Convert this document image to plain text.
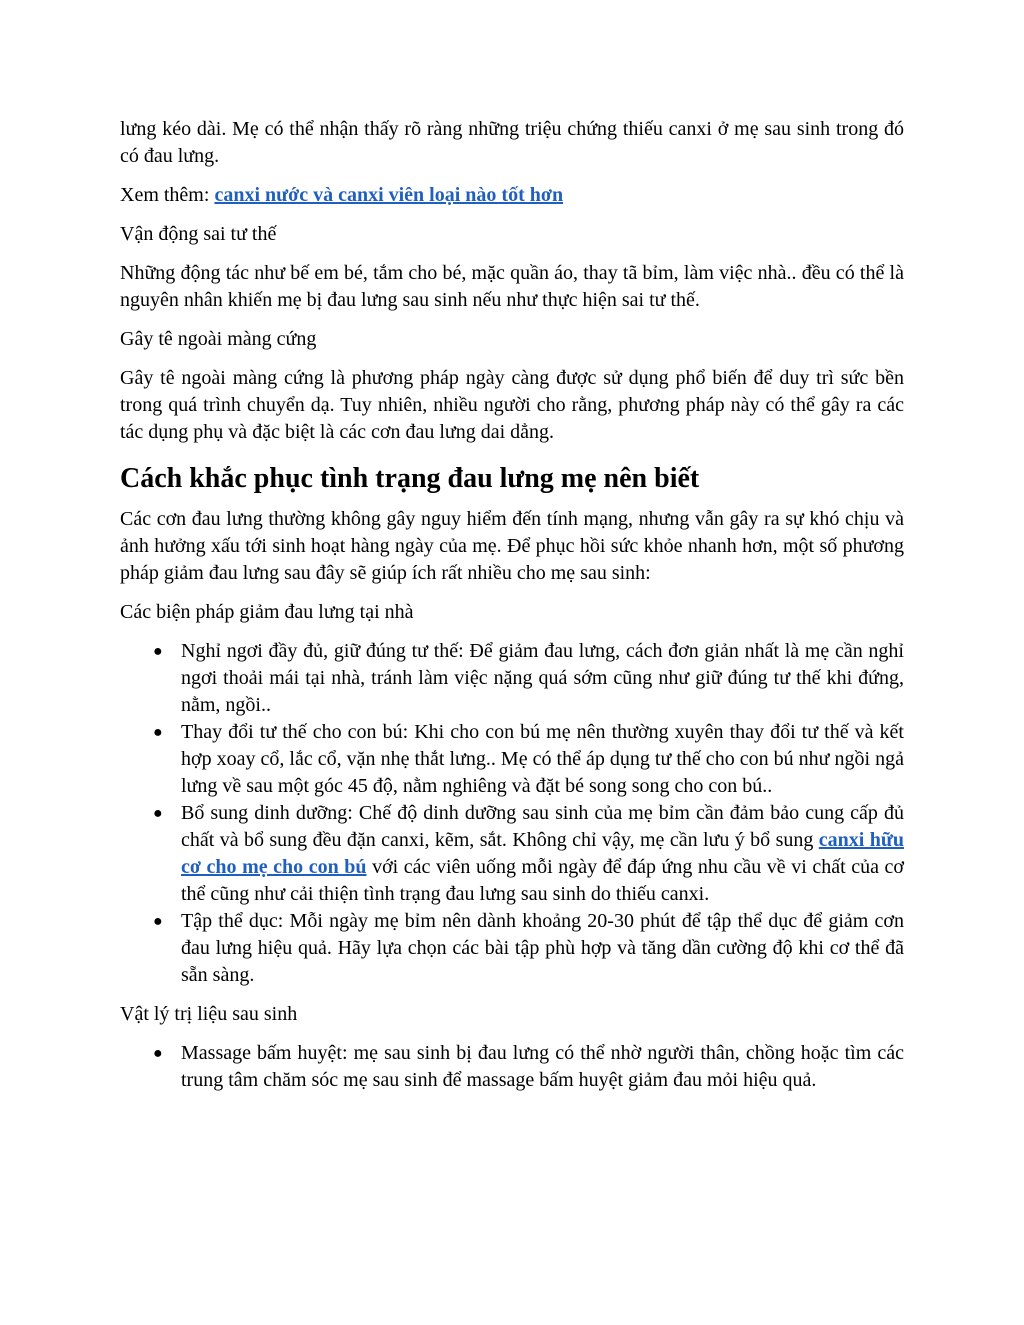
lưng kéo dài. Mẹ có thể nhận thấy rõ ràng những triệu chứng thiếu canxi ở mẹ sau sinh trong đó có đau lưng.

Xem thêm: canxi nước và canxi viên loại nào tốt hơn

Vận động sai tư thế

Những động tác như bế em bé, tắm cho bé, mặc quần áo, thay tã bỉm, làm việc nhà.. đều có thể là nguyên nhân khiến mẹ bị đau lưng sau sinh nếu như thực hiện sai tư thế.

Gây tê ngoài màng cứng

Gây tê ngoài màng cứng là phương pháp ngày càng được sử dụng phổ biến để duy trì sức bền trong quá trình chuyển dạ. Tuy nhiên, nhiều người cho rằng, phương pháp này có thể gây ra các tác dụng phụ và đặc biệt là các cơn đau lưng dai dẳng.

Cách khắc phục tình trạng đau lưng mẹ nên biết

Các cơn đau lưng thường không gây nguy hiểm đến tính mạng, nhưng vẫn gây ra sự khó chịu và ảnh hưởng xấu tới sinh hoạt hàng ngày của mẹ. Để phục hồi sức khỏe nhanh hơn, một số phương pháp giảm đau lưng sau đây sẽ giúp ích rất nhiều cho mẹ sau sinh:

Các biện pháp giảm đau lưng tại nhà

● Nghỉ ngơi đầy đủ, giữ đúng tư thế: Để giảm đau lưng, cách đơn giản nhất là mẹ cần nghỉ ngơi thoải mái tại nhà, tránh làm việc nặng quá sớm cũng như giữ đúng tư thế khi đứng, nằm, ngồi..
● Thay đổi tư thế cho con bú: Khi cho con bú mẹ nên thường xuyên thay đổi tư thế và kết hợp xoay cổ, lắc cổ, vặn nhẹ thắt lưng.. Mẹ có thể áp dụng tư thế cho con bú như ngồi ngả lưng về sau một góc 45 độ, nằm nghiêng và đặt bé song song cho con bú..
● Bổ sung dinh dưỡng: Chế độ dinh dưỡng sau sinh của mẹ bỉm cần đảm bảo cung cấp đủ chất và bổ sung đều đặn canxi, kẽm, sắt. Không chỉ vậy, mẹ cần lưu ý bổ sung canxi hữu cơ cho mẹ cho con bú với các viên uống mỗi ngày để đáp ứng nhu cầu về vi chất của cơ thể cũng như cải thiện tình trạng đau lưng sau sinh do thiếu canxi.
● Tập thể dục: Mỗi ngày mẹ bỉm nên dành khoảng 20-30 phút để tập thể dục để giảm cơn đau lưng hiệu quả. Hãy lựa chọn các bài tập phù hợp và tăng dần cường độ khi cơ thể đã sẵn sàng.

Vật lý trị liệu sau sinh

● Massage bấm huyệt: mẹ sau sinh bị đau lưng có thể nhờ người thân, chồng hoặc tìm các trung tâm chăm sóc mẹ sau sinh để massage bấm huyệt giảm đau mỏi hiệu quả.
